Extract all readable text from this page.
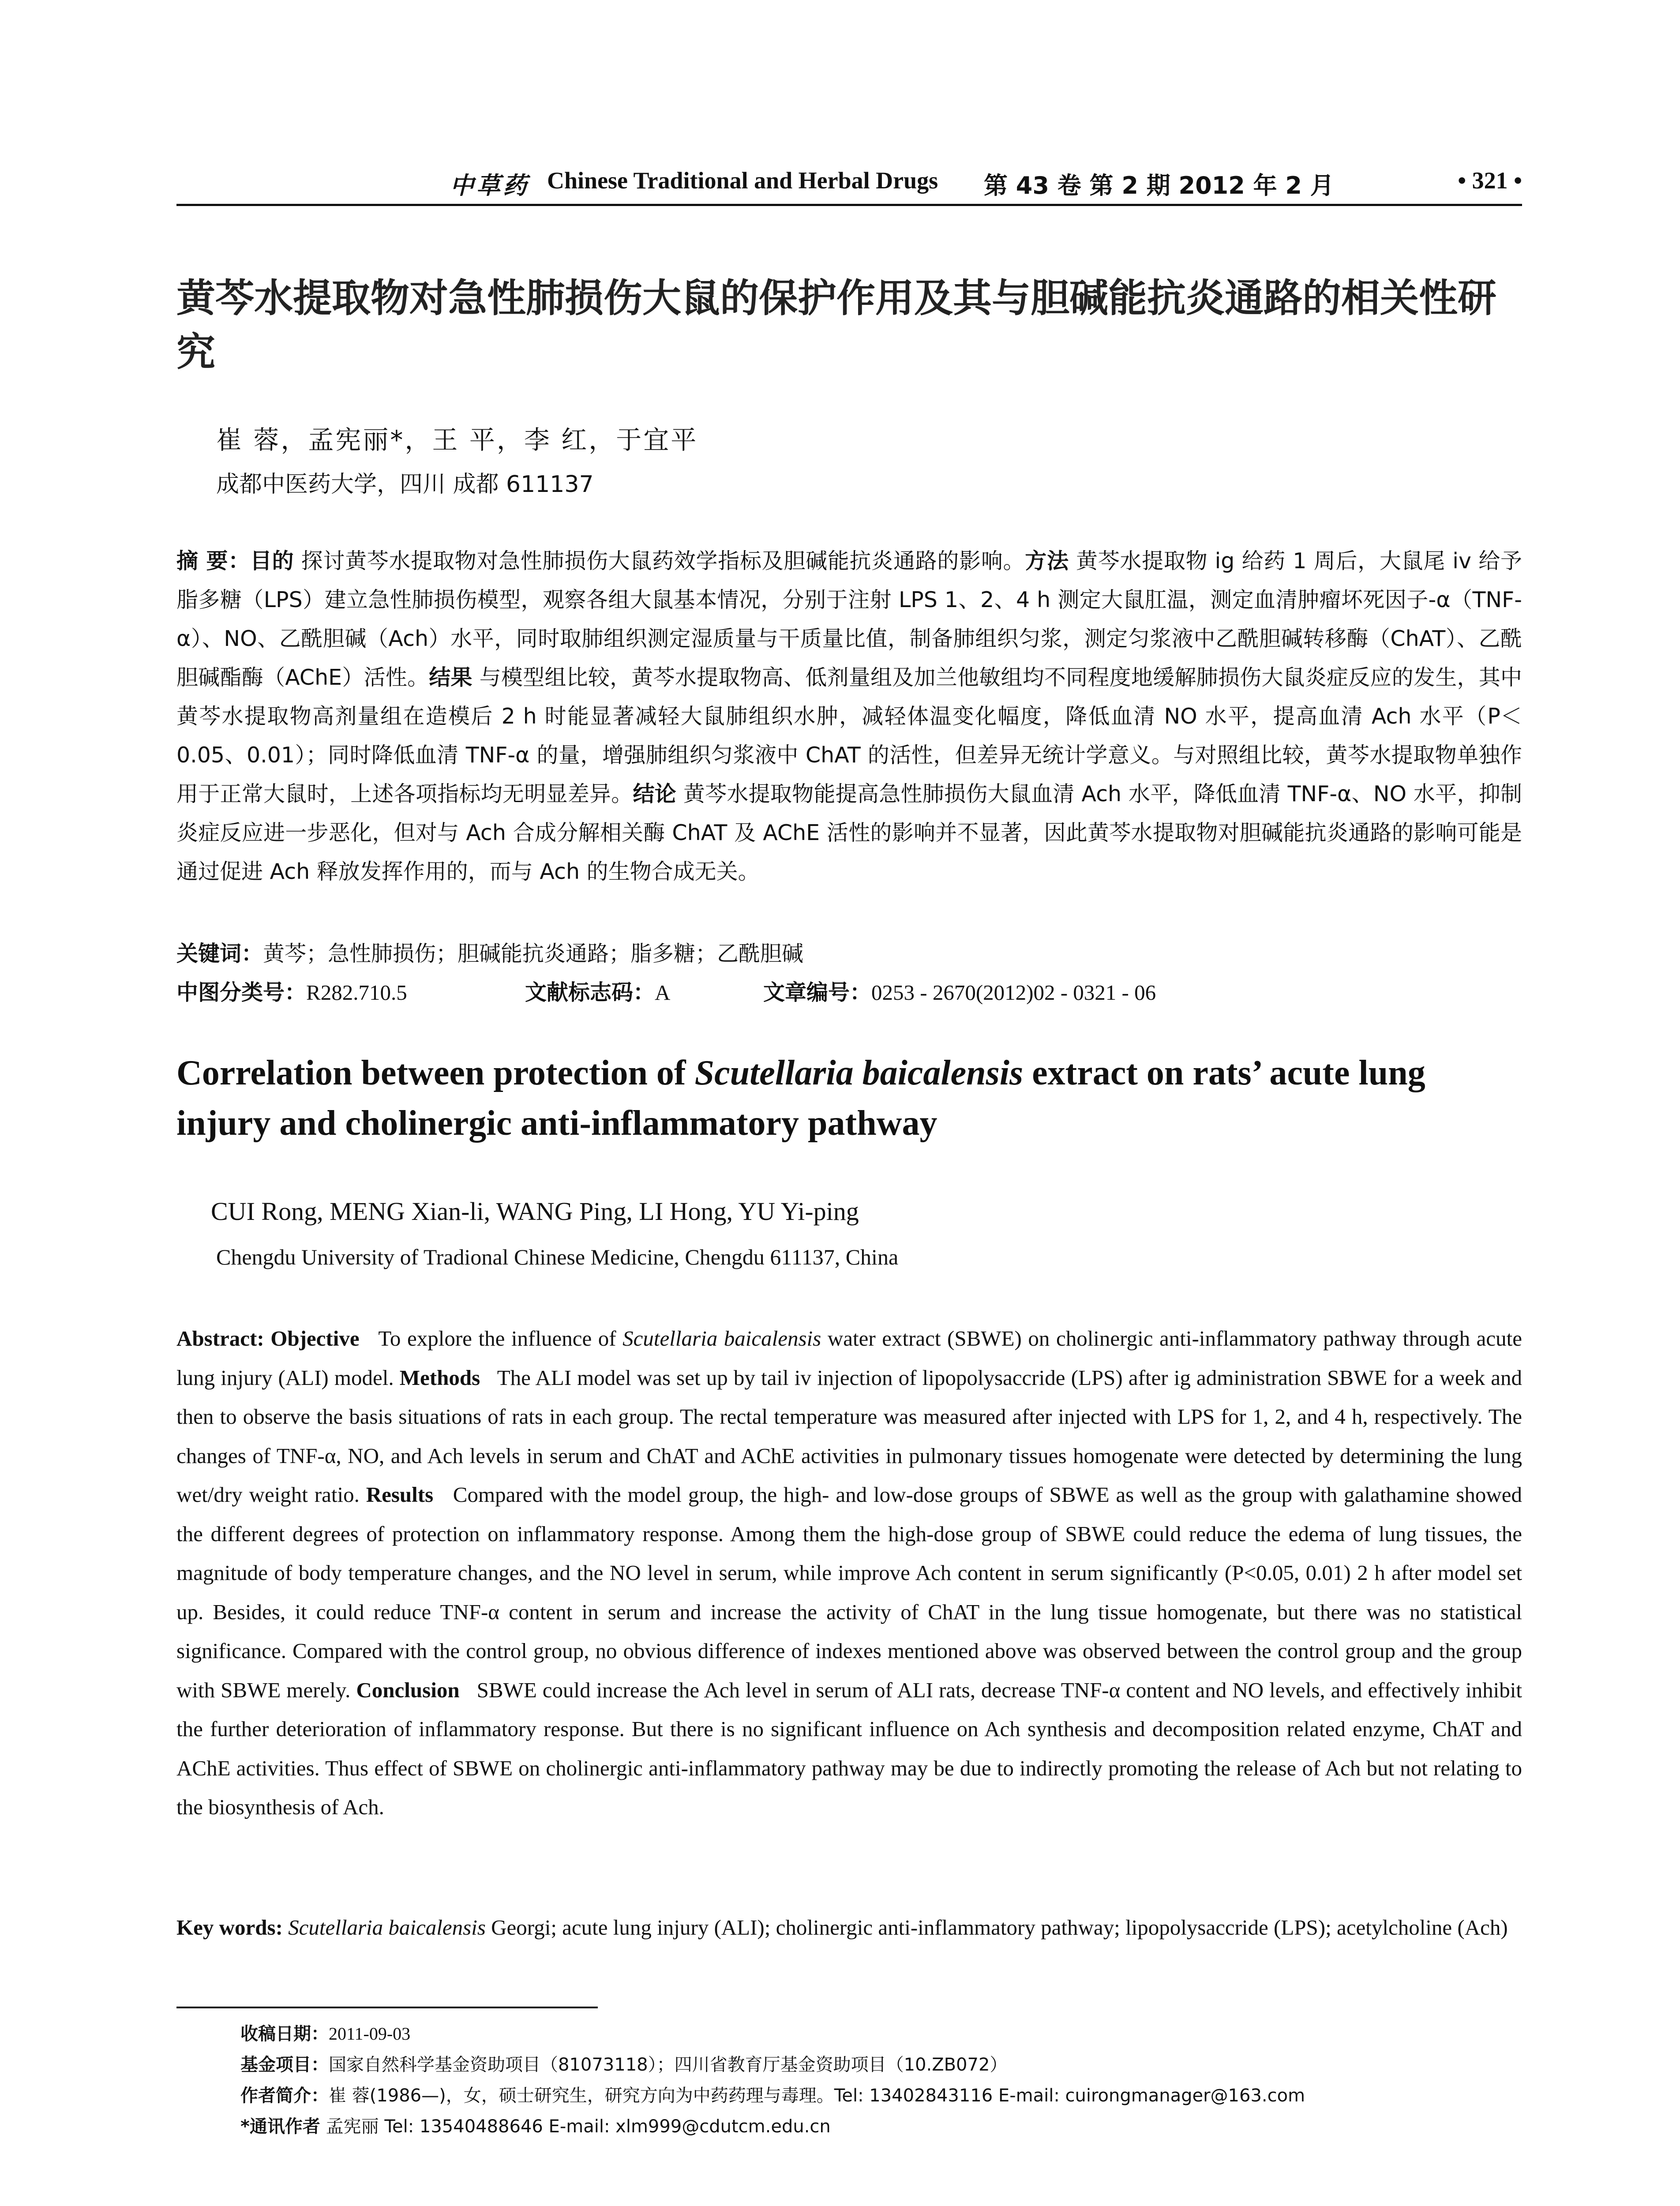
中草药 Chinese Traditional and Herbal Drugs 第 43 卷 第 2 期 2012 年 2 月	• 321 •
黄芩水提取物对急性肺损伤大鼠的保护作用及其与胆碱能抗炎通路的相关性研究
崔 蓉，孟宪丽*，王 平，李 红，于宜平
成都中医药大学，四川 成都 611137
摘 要：目的 探讨黄芩水提取物对急性肺损伤大鼠药效学指标及胆碱能抗炎通路的影响。方法 黄芩水提取物 ig 给药 1 周后，大鼠尾 iv 给予脂多糖（LPS）建立急性肺损伤模型，观察各组大鼠基本情况，分别于注射 LPS 1、2、4 h 测定大鼠肛温，测定血清肿瘤坏死因子-α（TNF-α）、NO、乙酰胆碱（Ach）水平，同时取肺组织测定湿质量与干质量比值，制备肺组织匀浆，测定匀浆液中乙酰胆碱转移酶（ChAT）、乙酰胆碱酯酶（AChE）活性。结果 与模型组比较，黄芩水提取物高、低剂量组及加兰他敏组均不同程度地缓解肺损伤大鼠炎症反应的发生，其中黄芩水提取物高剂量组在造模后 2 h 时能显著减轻大鼠肺组织水肿，减轻体温变化幅度，降低血清 NO 水平，提高血清 Ach 水平（P＜0.05、0.01）；同时降低血清 TNF-α 的量，增强肺组织匀浆液中 ChAT 的活性，但差异无统计学意义。与对照组比较，黄芩水提取物单独作用于正常大鼠时，上述各项指标均无明显差异。结论 黄芩水提取物能提高急性肺损伤大鼠血清 Ach 水平，降低血清 TNF-α、NO 水平，抑制炎症反应进一步恶化，但对与 Ach 合成分解相关酶 ChAT 及 AChE 活性的影响并不显著，因此黄芩水提取物对胆碱能抗炎通路的影响可能是通过促进 Ach 释放发挥作用的，而与 Ach 的生物合成无关。
关键词：黄芩；急性肺损伤；胆碱能抗炎通路；脂多糖；乙酰胆碱
中图分类号：R282.710.5	文献标志码：A	文章编号：0253 - 2670(2012)02 - 0321 - 06
Correlation between protection of Scutellaria baicalensis extract on rats’ acute lung injury and cholinergic anti-inflammatory pathway
CUI Rong, MENG Xian-li, WANG Ping, LI Hong, YU Yi-ping
Chengdu University of Tradional Chinese Medicine, Chengdu 611137, China
Abstract: Objective   To explore the influence of Scutellaria baicalensis water extract (SBWE) on cholinergic anti-inflammatory pathway through acute lung injury (ALI) model. Methods   The ALI model was set up by tail iv injection of lipopolysaccride (LPS) after ig administration SBWE for a week and then to observe the basis situations of rats in each group. The rectal temperature was measured after injected with LPS for 1, 2, and 4 h, respectively. The changes of TNF-α, NO, and Ach levels in serum and ChAT and AChE activities in pulmonary tissues homogenate were detected by determining the lung wet/dry weight ratio. Results   Compared with the model group, the high- and low-dose groups of SBWE as well as the group with galathamine showed the different degrees of protection on inflammatory response. Among them the high-dose group of SBWE could reduce the edema of lung tissues, the magnitude of body temperature changes, and the NO level in serum, while improve Ach content in serum significantly (P<0.05, 0.01) 2 h after model set up. Besides, it could reduce TNF-α content in serum and increase the activity of ChAT in the lung tissue homogenate, but there was no statistical significance. Compared with the control group, no obvious difference of indexes mentioned above was observed between the control group and the group with SBWE merely. Conclusion   SBWE could increase the Ach level in serum of ALI rats, decrease TNF-α content and NO levels, and effectively inhibit the further deterioration of inflammatory response. But there is no significant influence on Ach synthesis and decomposition related enzyme, ChAT and AChE activities. Thus effect of SBWE on cholinergic anti-inflammatory pathway may be due to indirectly promoting the release of Ach but not relating to the biosynthesis of Ach.
Key words: Scutellaria baicalensis Georgi; acute lung injury (ALI); cholinergic anti-inflammatory pathway; lipopolysaccride (LPS); acetylcholine (Ach)
收稿日期：2011-09-03
基金项目：国家自然科学基金资助项目（81073118）；四川省教育厅基金资助项目（10.ZB072）
作者简介：崔 蓉(1986—)，女，硕士研究生，研究方向为中药药理与毒理。Tel: 13402843116 E-mail: cuirongmanager@163.com
*通讯作者 孟宪丽 Tel: 13540488646 E-mail: xlm999@cdutcm.edu.cn
